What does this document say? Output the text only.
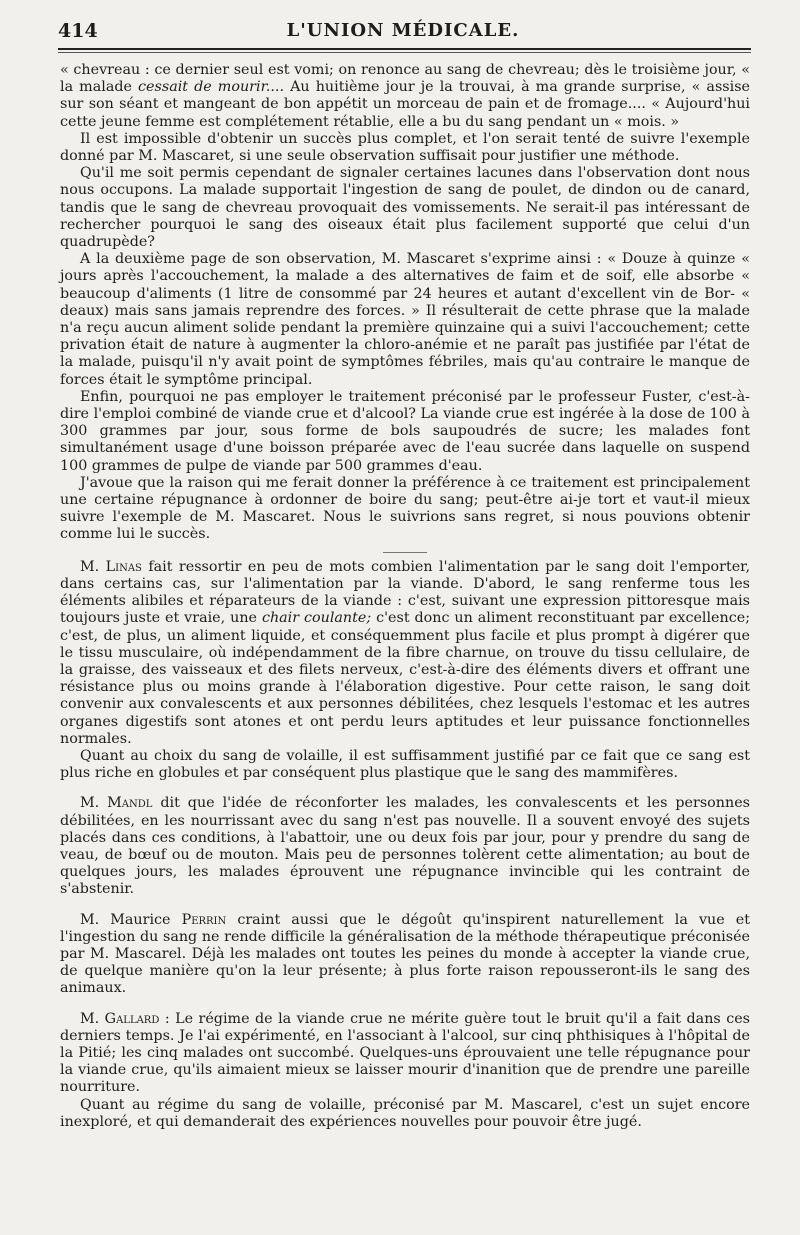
414	L'UNION MÉDICALE.

« chevreau : ce dernier seul est vomi; on renonce au sang de chevreau; dès le troisième jour, « la malade cessait de mourir.... Au huitième jour je la trouvai, à ma grande surprise, « assise sur son séant et mangeant de bon appétit un morceau de pain et de fromage.... « Aujourd'hui cette jeune femme est complétement rétablie, elle a bu du sang pendant un « mois. »

Il est impossible d'obtenir un succès plus complet, et l'on serait tenté de suivre l'exemple donné par M. Mascaret, si une seule observation suffisait pour justifier une méthode.

Qu'il me soit permis cependant de signaler certaines lacunes dans l'observation dont nous nous occupons. La malade supportait l'ingestion de sang de poulet, de dindon ou de canard, tandis que le sang de chevreau provoquait des vomissements. Ne serait-il pas intéressant de rechercher pourquoi le sang des oiseaux était plus facilement supporté que celui d'un quadrupède?

A la deuxième page de son observation, M. Mascaret s'exprime ainsi : « Douze à quinze « jours après l'accouchement, la malade a des alternatives de faim et de soif, elle absorbe « beaucoup d'aliments (1 litre de consommé par 24 heures et autant d'excellent vin de Bor- « deaux) mais sans jamais reprendre des forces. » Il résulterait de cette phrase que la malade n'a reçu aucun aliment solide pendant la première quinzaine qui a suivi l'accouchement; cette privation était de nature à augmenter la chloro-anémie et ne paraît pas justifiée par l'état de la malade, puisqu'il n'y avait point de symptômes fébriles, mais qu'au contraire le manque de forces était le symptôme principal.

Enfin, pourquoi ne pas employer le traitement préconisé par le professeur Fuster, c'est-à-dire l'emploi combiné de viande crue et d'alcool? La viande crue est ingérée à la dose de 100 à 300 grammes par jour, sous forme de bols saupoudrés de sucre; les malades font simultanément usage d'une boisson préparée avec de l'eau sucrée dans laquelle on suspend 100 grammes de pulpe de viande par 500 grammes d'eau.

J'avoue que la raison qui me ferait donner la préférence à ce traitement est principalement une certaine répugnance à ordonner de boire du sang; peut-être ai-je tort et vaut-il mieux suivre l'exemple de M. Mascaret. Nous le suivrions sans regret, si nous pouvions obtenir comme lui le succès.

M. Linas fait ressortir en peu de mots combien l'alimentation par le sang doit l'emporter, dans certains cas, sur l'alimentation par la viande. D'abord, le sang renferme tous les éléments alibiles et réparateurs de la viande : c'est, suivant une expression pittoresque mais toujours juste et vraie, une chair coulante; c'est donc un aliment reconstituant par excellence; c'est, de plus, un aliment liquide, et conséquemment plus facile et plus prompt à digérer que le tissu musculaire, où indépendamment de la fibre charnue, on trouve du tissu cellulaire, de la graisse, des vaisseaux et des filets nerveux, c'est-à-dire des éléments divers et offrant une résistance plus ou moins grande à l'élaboration digestive. Pour cette raison, le sang doit convenir aux convalescents et aux personnes débilitées, chez lesquels l'estomac et les autres organes digestifs sont atones et ont perdu leurs aptitudes et leur puissance fonctionnelles normales.

Quant au choix du sang de volaille, il est suffisamment justifié par ce fait que ce sang est plus riche en globules et par conséquent plus plastique que le sang des mammifères.

M. Mandl dit que l'idée de réconforter les malades, les convalescents et les personnes débilitées, en les nourrissant avec du sang n'est pas nouvelle. Il a souvent envoyé des sujets placés dans ces conditions, à l'abattoir, une ou deux fois par jour, pour y prendre du sang de veau, de bœuf ou de mouton. Mais peu de personnes tolèrent cette alimentation; au bout de quelques jours, les malades éprouvent une répugnance invincible qui les contraint de s'abstenir.

M. Maurice Perrin craint aussi que le dégoût qu'inspirent naturellement la vue et l'ingestion du sang ne rende difficile la généralisation de la méthode thérapeutique préconisée par M. Mascarel. Déjà les malades ont toutes les peines du monde à accepter la viande crue, de quelque manière qu'on la leur présente; à plus forte raison repousseront-ils le sang des animaux.

M. Gallard : Le régime de la viande crue ne mérite guère tout le bruit qu'il a fait dans ces derniers temps. Je l'ai expérimenté, en l'associant à l'alcool, sur cinq phthisiques à l'hôpital de la Pitié; les cinq malades ont succombé. Quelques-uns éprouvaient une telle répugnance pour la viande crue, qu'ils aimaient mieux se laisser mourir d'inanition que de prendre une pareille nourriture.

Quant au régime du sang de volaille, préconisé par M. Mascarel, c'est un sujet encore inexploré, et qui demanderait des expériences nouvelles pour pouvoir être jugé.
